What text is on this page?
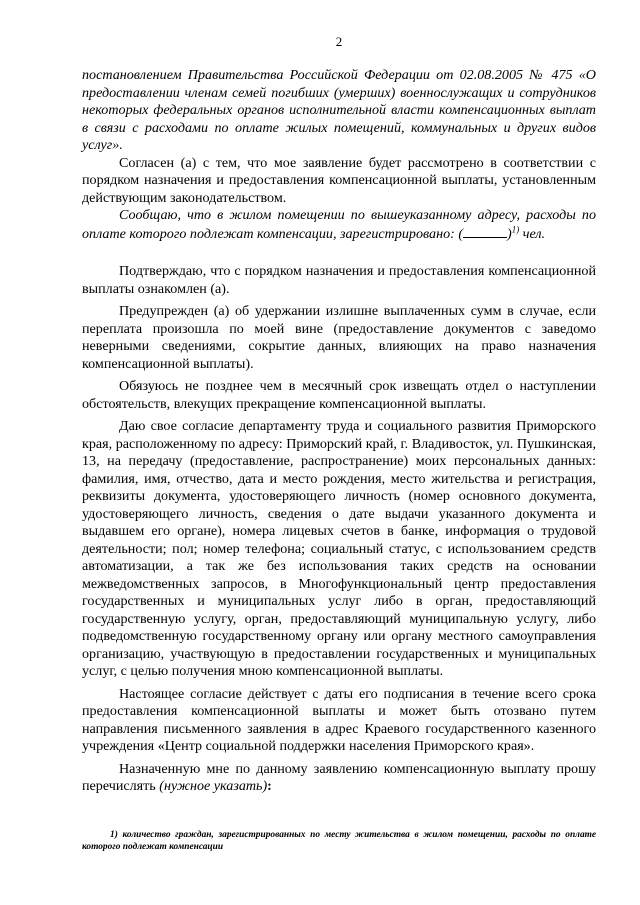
2

постановлением Правительства Российской Федерации от 02.08.2005 № 475 «О предоставлении членам семей погибших (умерших) военнослужащих и сотрудников некоторых федеральных органов исполнительной власти компенсационных выплат в связи с расходами по оплате жилых помещений, коммунальных и других видов услуг».

Согласен (а) с тем, что мое заявление будет рассмотрено в соответствии с порядком назначения и предоставления компенсационной выплаты, установленным действующим законодательством.

Сообщаю, что в жилом помещении по вышеуказанному адресу, расходы по оплате которого подлежат компенсации, зарегистрировано: (	)$^{1)}$ чел.

Подтверждаю, что с порядком назначения и предоставления компенсационной выплаты ознакомлен (а).

Предупрежден (а) об удержании излишне выплаченных сумм в случае, если переплата произошла по моей вине (предоставление документов с заведомо неверными сведениями, сокрытие данных, влияющих на право назначения компенсационной выплаты).

Обязуюсь не позднее чем в месячный срок извещать отдел о наступлении обстоятельств, влекущих прекращение компенсационной выплаты.

Даю свое согласие департаменту труда и социального развития Приморского края, расположенному по адресу: Приморский край, г. Владивосток, ул. Пушкинская, 13, на передачу (предоставление, распространение) моих персональных данных: фамилия, имя, отчество, дата и место рождения, место жительства и регистрация, реквизиты документа, удостоверяющего личность (номер основного документа, удостоверяющего личность, сведения о дате выдачи указанного документа и выдавшем его органе), номера лицевых счетов в банке, информация о трудовой деятельности; пол; номер телефона; социальный статус, с использованием средств автоматизации, а так же без использования таких средств на основании межведомственных запросов, в Многофункциональный центр предоставления государственных и муниципальных услуг либо в орган, предоставляющий государственную услугу, орган, предоставляющий муниципальную услугу, либо подведомственную государственному органу или органу местного самоуправления организацию, участвующую в предоставлении государственных и муниципальных услуг, с целью получения мною компенсационной выплаты.

Настоящее согласие действует с даты его подписания в течение всего срока предоставления компенсационной выплаты и может быть отозвано путем направления письменного заявления в адрес Краевого государственного казенного учреждения «Центр социальной поддержки населения Приморского края».

Назначенную мне по данному заявлению компенсационную выплату прошу перечислять (нужное указать):

1) количество граждан, зарегистрированных по месту жительства в жилом помещении, расходы по оплате которого подлежат компенсации
